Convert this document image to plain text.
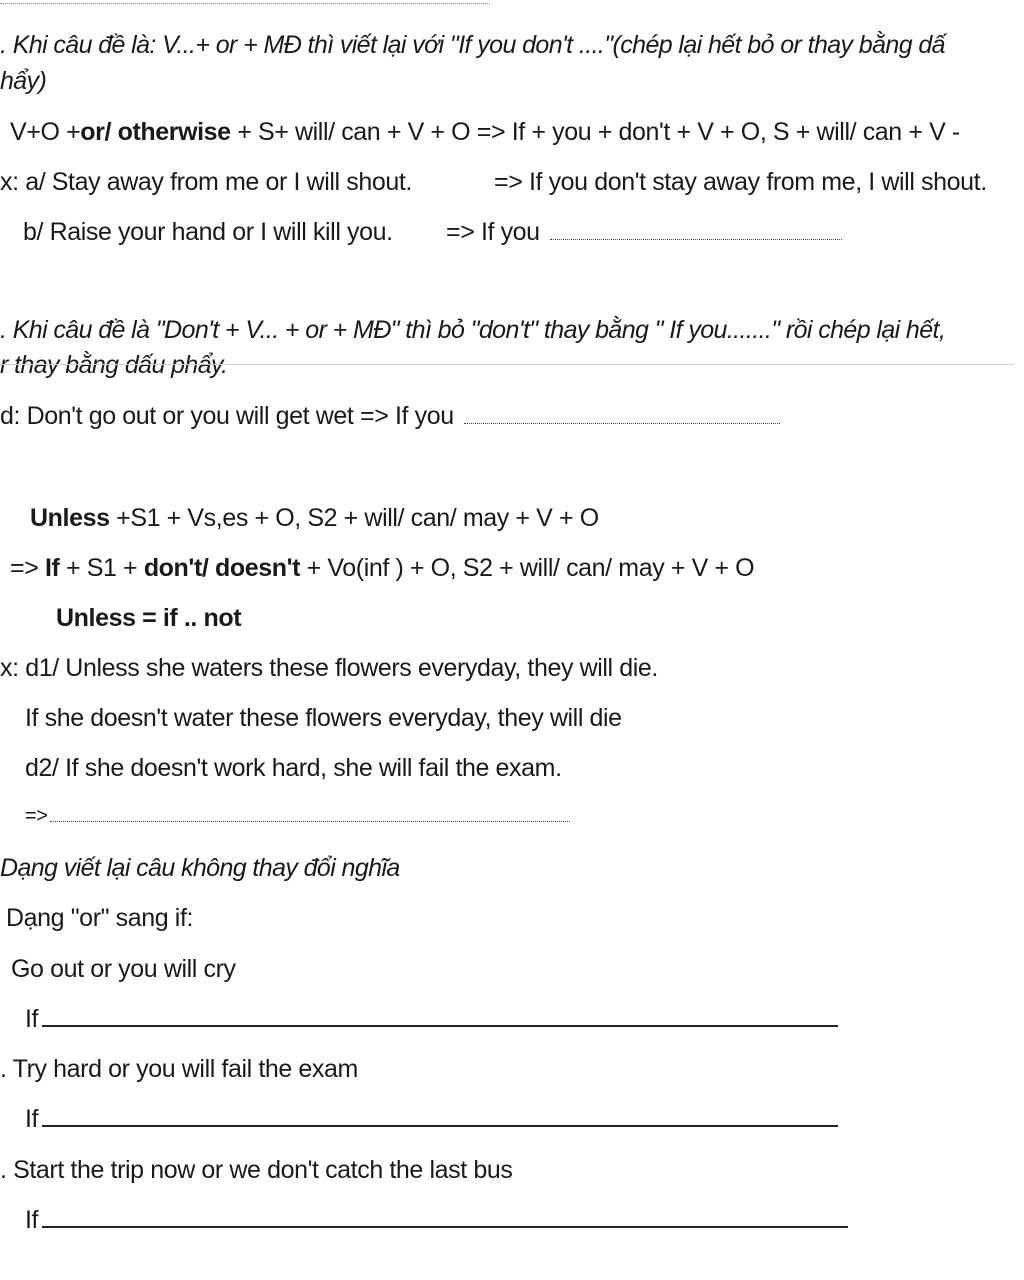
. Khi câu đề là: V...+ or + MĐ thì viết lại với "If you don't ...."(chép lại hết bỏ or thay bằng dấ
hẩy)
V+O +or/ otherwise + S+ will/ can + V + O => If + you + don't + V + O, S + will/ can + V -
x: a/ Stay away from me or I will shout.	=> If you don't stay away from me, I will shout.
b/ Raise your hand or I will kill you. => If you
. Khi câu đề là "Don't + V... + or + MĐ" thì bỏ "don't" thay bằng " If you......." rồi chép lại hết,
r thay bằng dấu phẩy.
d: Don't go out or you will get wet => If you
Unless +S1 + Vs,es + O, S2 + will/ can/ may + V + O
=> If + S1 + don't/ doesn't + Vo(inf ) + O, S2 + will/ can/ may + V + O
Unless = if .. not
x: d1/ Unless she waters these flowers everyday, they will die.
If she doesn't water these flowers everyday, they will die
d2/ If she doesn't work hard, she will fail the exam.
=>
Dạng viết lại câu không thay đổi nghĩa
Dạng "or" sang if:
Go out or you will cry
If
. Try hard or you will fail the exam
If
. Start the trip now or we don't catch the last bus
If
